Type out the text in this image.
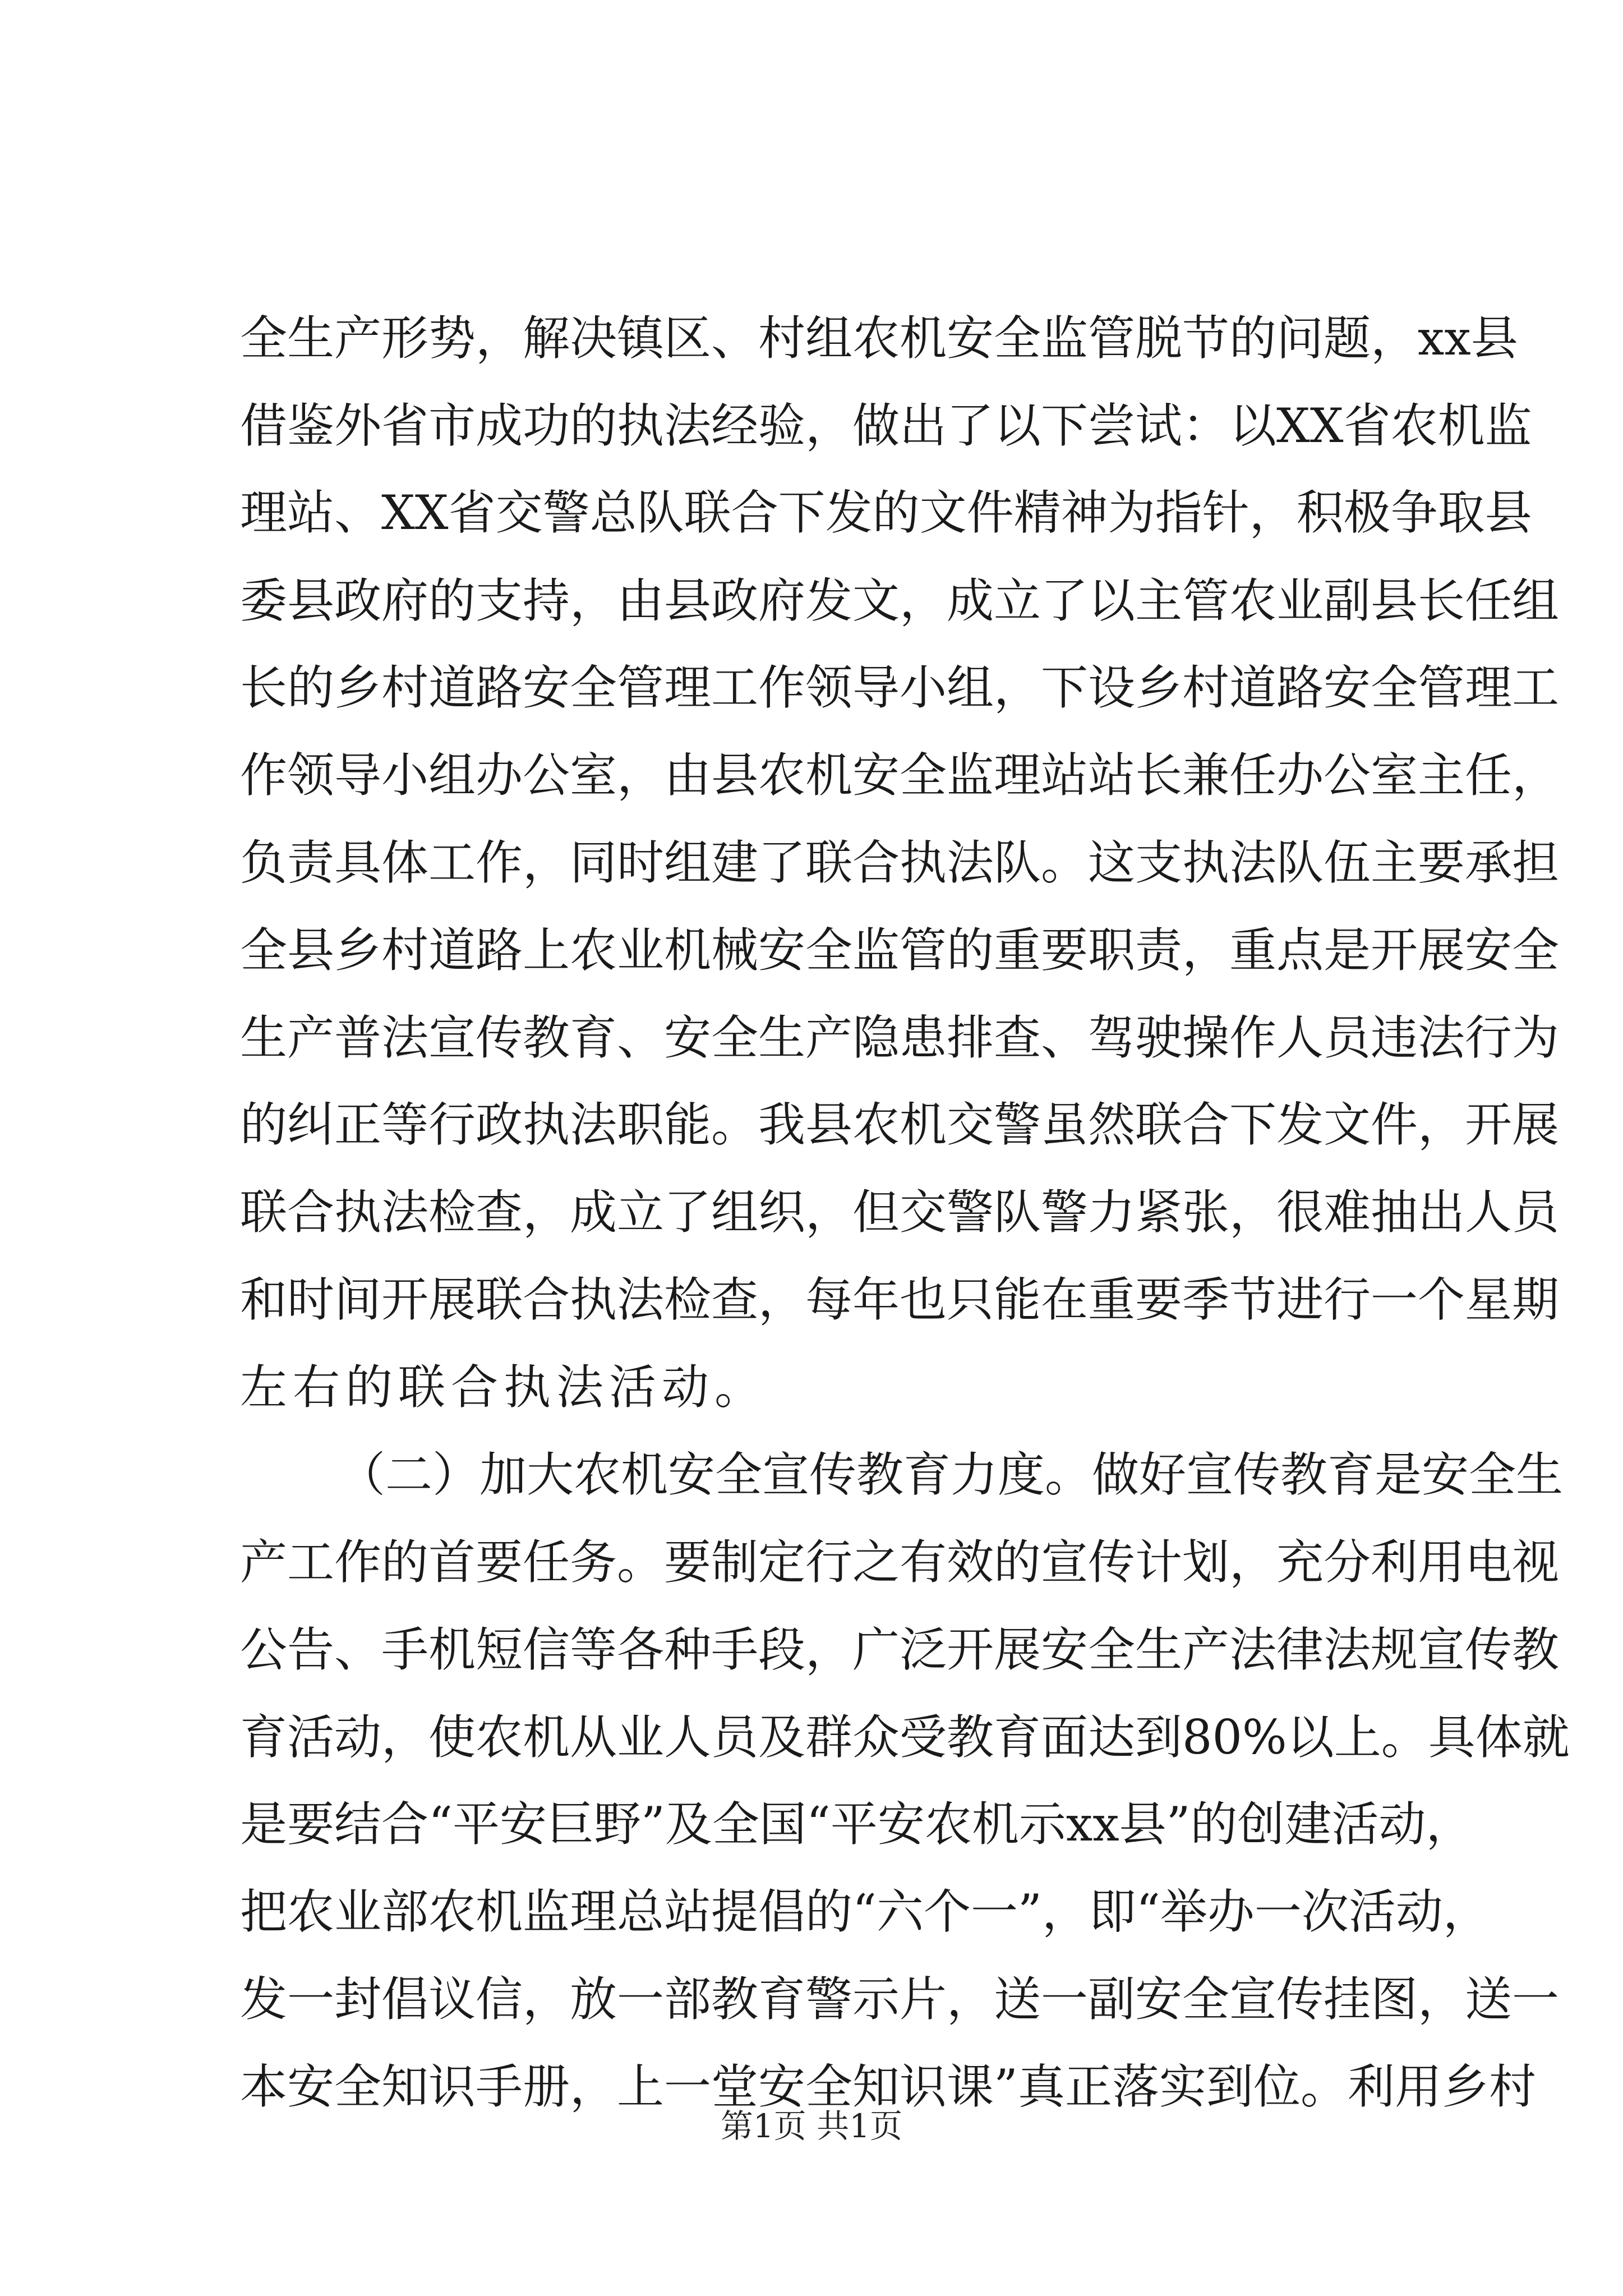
全生产形势，解决镇区、村组农机安全监管脱节的问题，xx县
借鉴外省市成功的执法经验，做出了以下尝试：以XX省农机监
理站、XX省交警总队联合下发的文件精神为指针，积极争取县
委县政府的支持，由县政府发文，成立了以主管农业副县长任组
长的乡村道路安全管理工作领导小组，下设乡村道路安全管理工
作领导小组办公室，由县农机安全监理站站长兼任办公室主任，
负责具体工作，同时组建了联合执法队。这支执法队伍主要承担
全县乡村道路上农业机械安全监管的重要职责，重点是开展安全
生产普法宣传教育、安全生产隐患排查、驾驶操作人员违法行为
的纠正等行政执法职能。我县农机交警虽然联合下发文件，开展
联合执法检查，成立了组织，但交警队警力紧张，很难抽出人员
和时间开展联合执法检查，每年也只能在重要季节进行一个星期
左右的联合执法活动。
（二）加大农机安全宣传教育力度。做好宣传教育是安全生
产工作的首要任务。要制定行之有效的宣传计划，充分利用电视
公告、手机短信等各种手段，广泛开展安全生产法律法规宣传教
育活动，使农机从业人员及群众受教育面达到80%以上。具体就
是要结合“平安巨野”及全国“平安农机示xx县”的创建活动，
把农业部农机监理总站提倡的“六个一”，即“举办一次活动，
发一封倡议信，放一部教育警示片，送一副安全宣传挂图，送一
本安全知识手册，上一堂安全知识课”真正落实到位。利用乡村
第1页 共1页
